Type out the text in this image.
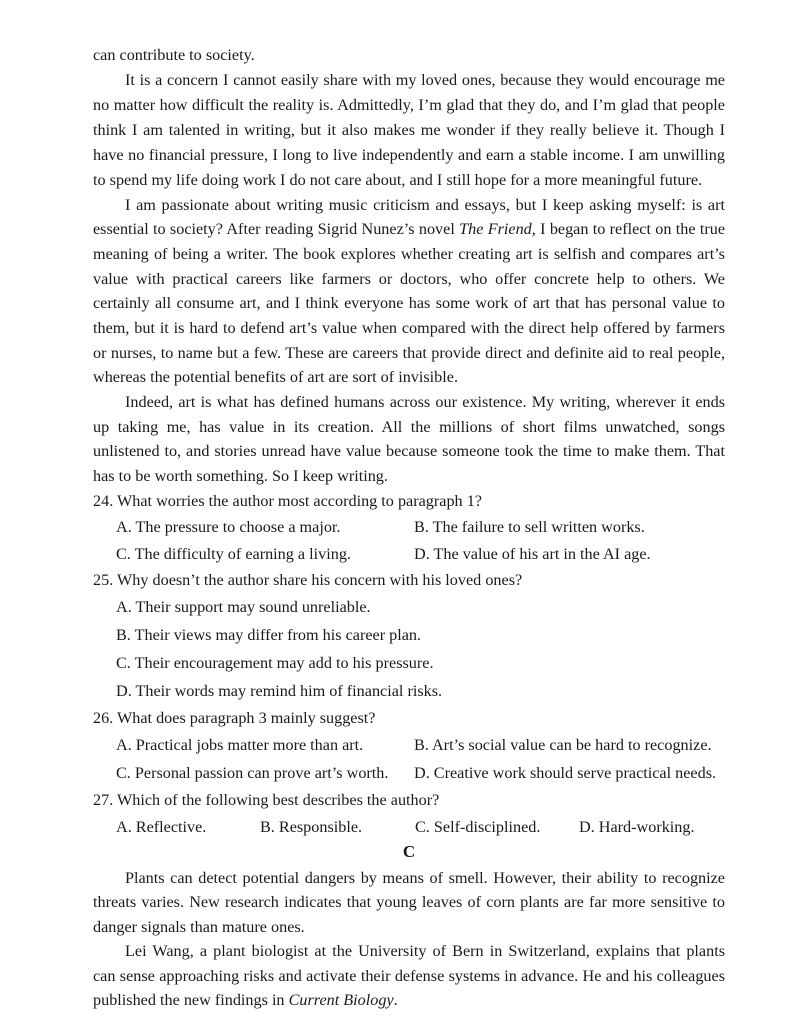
can contribute to society.
It is a concern I cannot easily share with my loved ones, because they would encourage me
no matter how difficult the reality is. Admittedly, I’m glad that they do, and I’m glad that people
think I am talented in writing, but it also makes me wonder if they really believe it. Though I
have no financial pressure, I long to live independently and earn a stable income. I am unwilling
to spend my life doing work I do not care about, and I still hope for a more meaningful future.
I am passionate about writing music criticism and essays, but I keep asking myself: is art
essential to society? After reading Sigrid Nunez’s novel The Friend, I began to reflect on the true
meaning of being a writer. The book explores whether creating art is selfish and compares art’s
value with practical careers like farmers or doctors, who offer concrete help to others. We
certainly all consume art, and I think everyone has some work of art that has personal value to
them, but it is hard to defend art’s value when compared with the direct help offered by farmers
or nurses, to name but a few. These are careers that provide direct and definite aid to real people,
whereas the potential benefits of art are sort of invisible.
Indeed, art is what has defined humans across our existence. My writing, wherever it ends
up taking me, has value in its creation. All the millions of short films unwatched, songs
unlistened to, and stories unread have value because someone took the time to make them. That
has to be worth something. So I keep writing.
24. What worries the author most according to paragraph 1?
A. The pressure to choose a major.	B. The failure to sell written works.
C. The difficulty of earning a living.	D. The value of his art in the AI age.
25. Why doesn’t the author share his concern with his loved ones?
A. Their support may sound unreliable.
B. Their views may differ from his career plan.
C. Their encouragement may add to his pressure.
D. Their words may remind him of financial risks.
26. What does paragraph 3 mainly suggest?
A. Practical jobs matter more than art.	B. Art’s social value can be hard to recognize.
C. Personal passion can prove art’s worth. D. Creative work should serve practical needs.
27. Which of the following best describes the author?
A. Reflective.	B. Responsible.	C. Self-disciplined. D. Hard-working.
C
Plants can detect potential dangers by means of smell. However, their ability to recognize
threats varies. New research indicates that young leaves of corn plants are far more sensitive to
danger signals than mature ones.
Lei Wang, a plant biologist at the University of Bern in Switzerland, explains that plants
can sense approaching risks and activate their defense systems in advance. He and his colleagues
published the new findings in Current Biology.
